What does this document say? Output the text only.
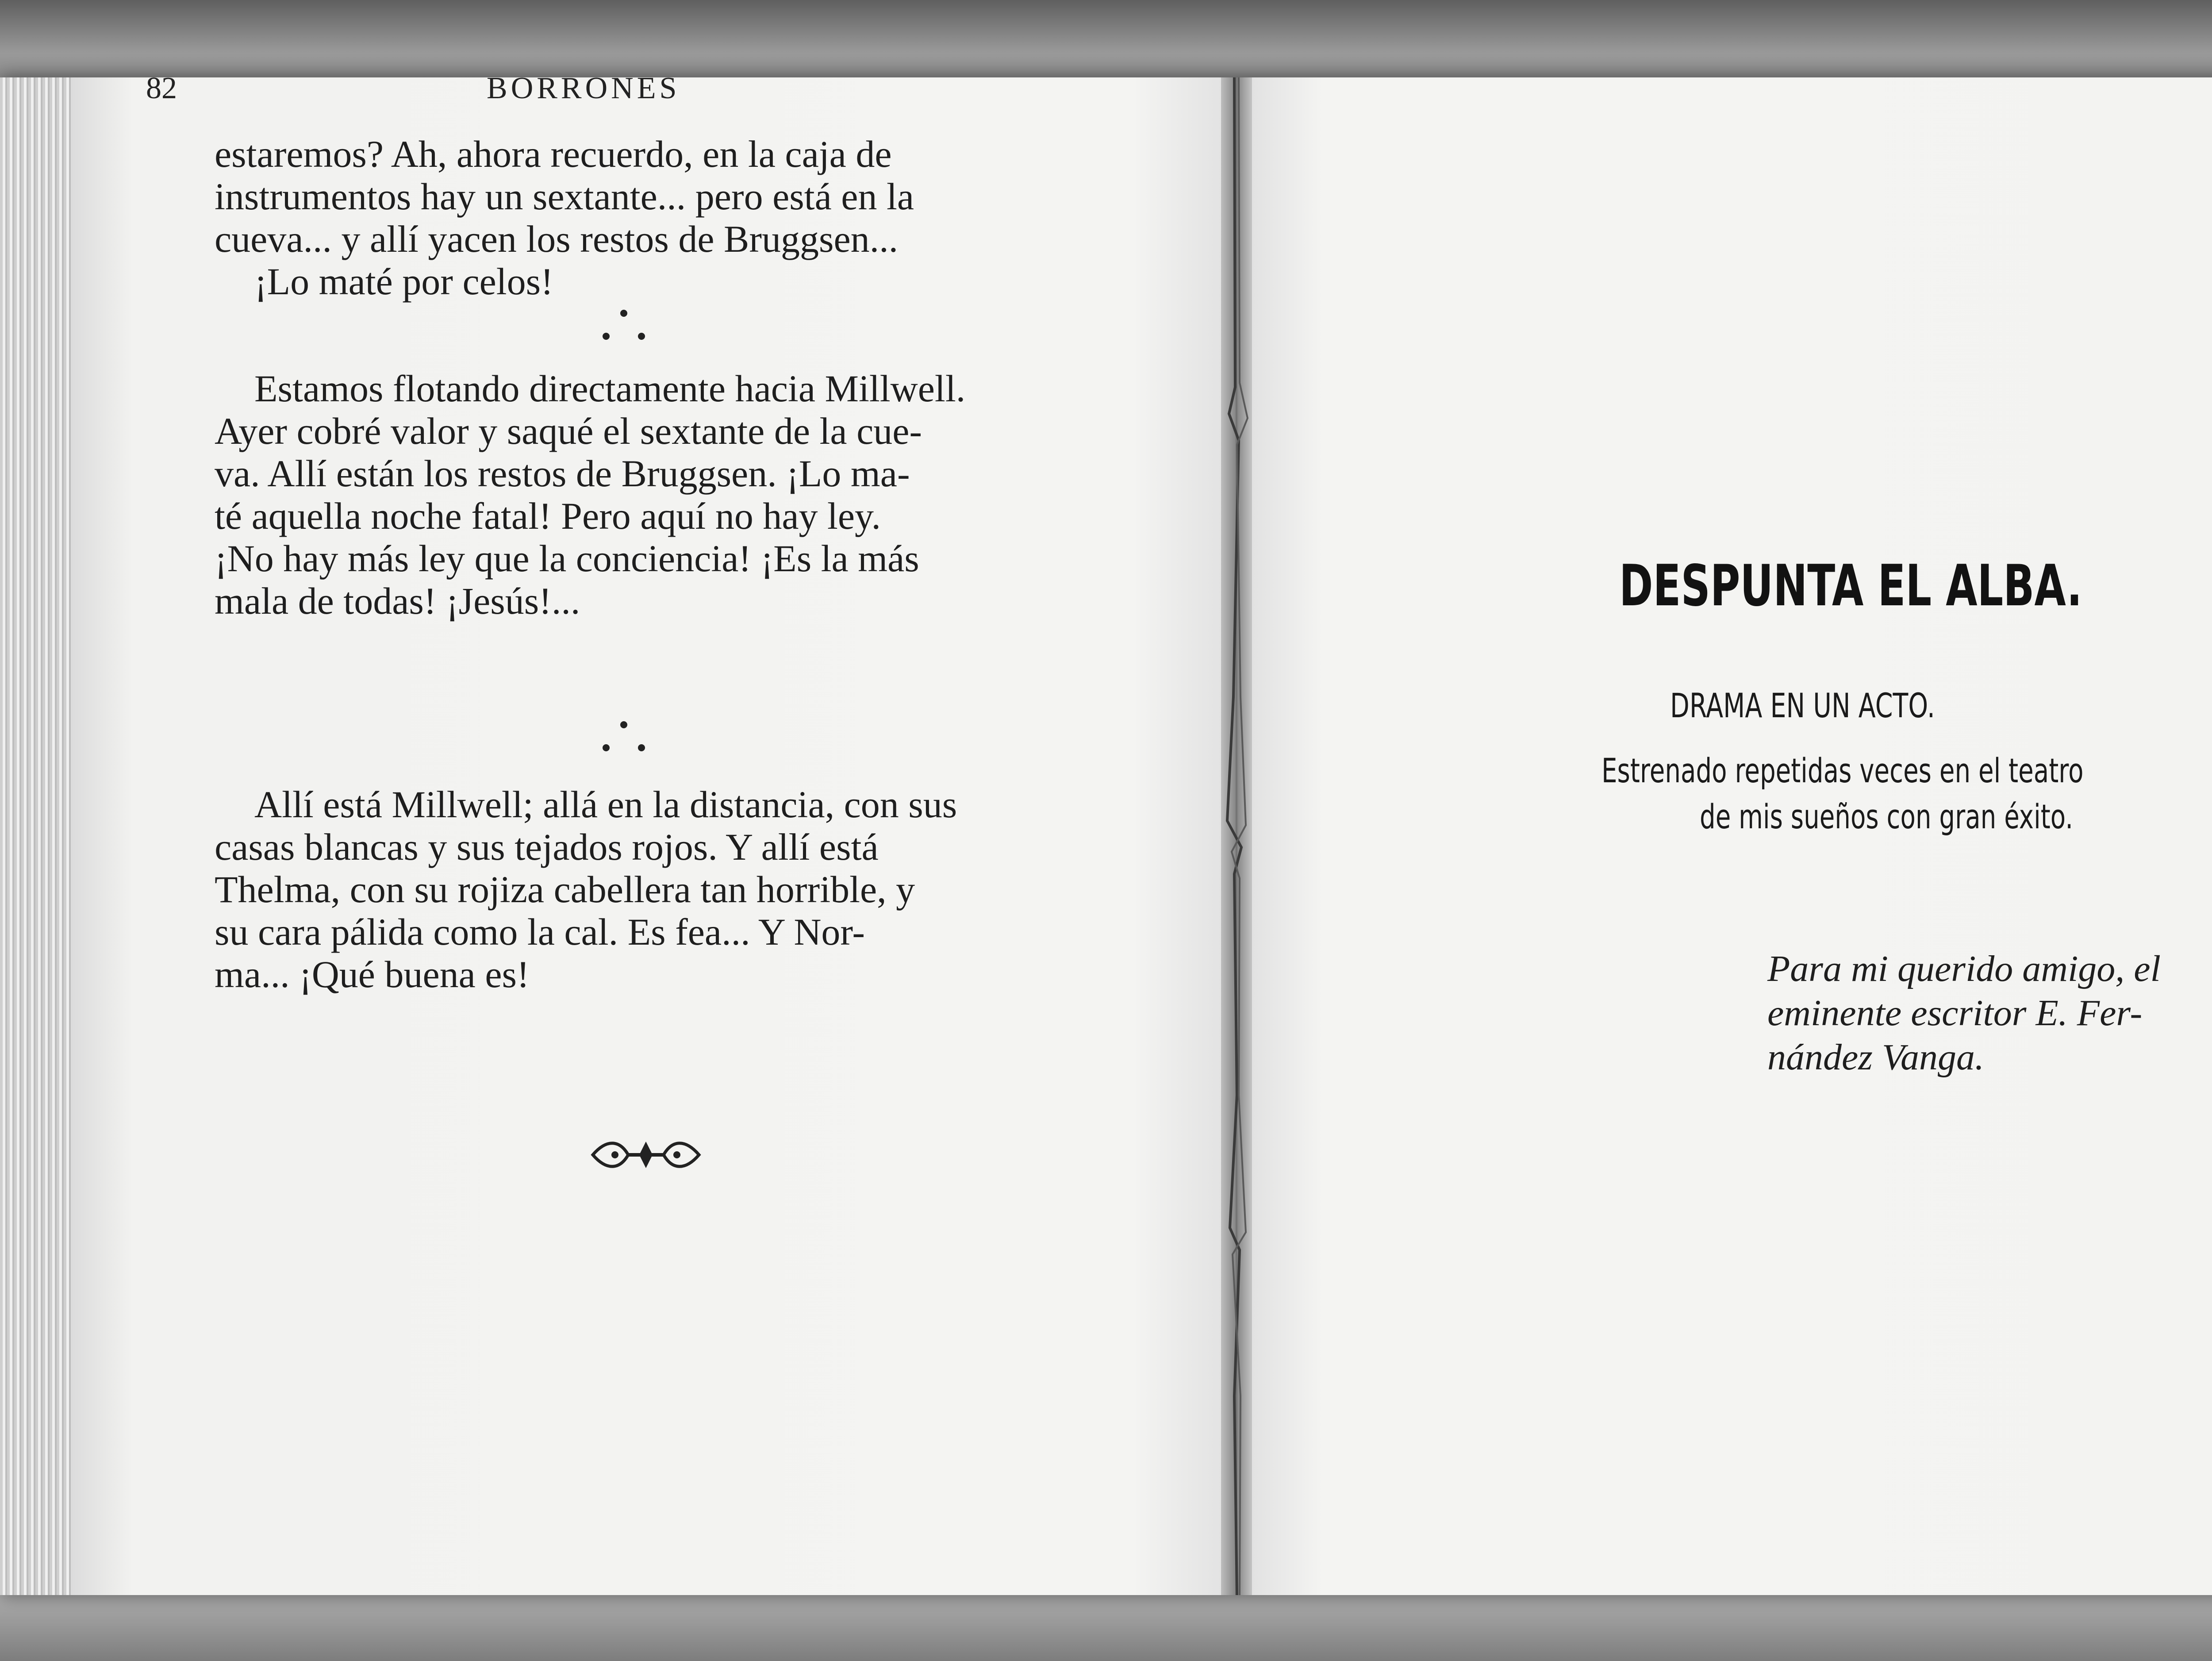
82	BORRONES
estaremos? Ah, ahora recuerdo, en la caja de
instrumentos hay un sextante... pero está en la
cueva... y allí yacen los restos de Bruggsen...
¡Lo maté por celos!
Estamos flotando directamente hacia Millwell.
Ayer cobré valor y saqué el sextante de la cue-
va. Allí están los restos de Bruggsen. ¡Lo ma-
té aquella noche fatal! Pero aquí no hay ley.
¡No hay más ley que la conciencia! ¡Es la más
mala de todas! ¡Jesús!...
Allí está Millwell; allá en la distancia, con sus
casas blancas y sus tejados rojos. Y allí está
Thelma, con su rojiza cabellera tan horrible, y
su cara pálida como la cal. Es fea... Y Nor-
ma... ¡Qué buena es!
DESPUNTA EL ALBA.
DRAMA EN UN ACTO.
Estrenado repetidas veces en el teatro
de mis sueños con gran éxito.
Para mi querido amigo, el
eminente escritor E. Fer-
nández Vanga.
